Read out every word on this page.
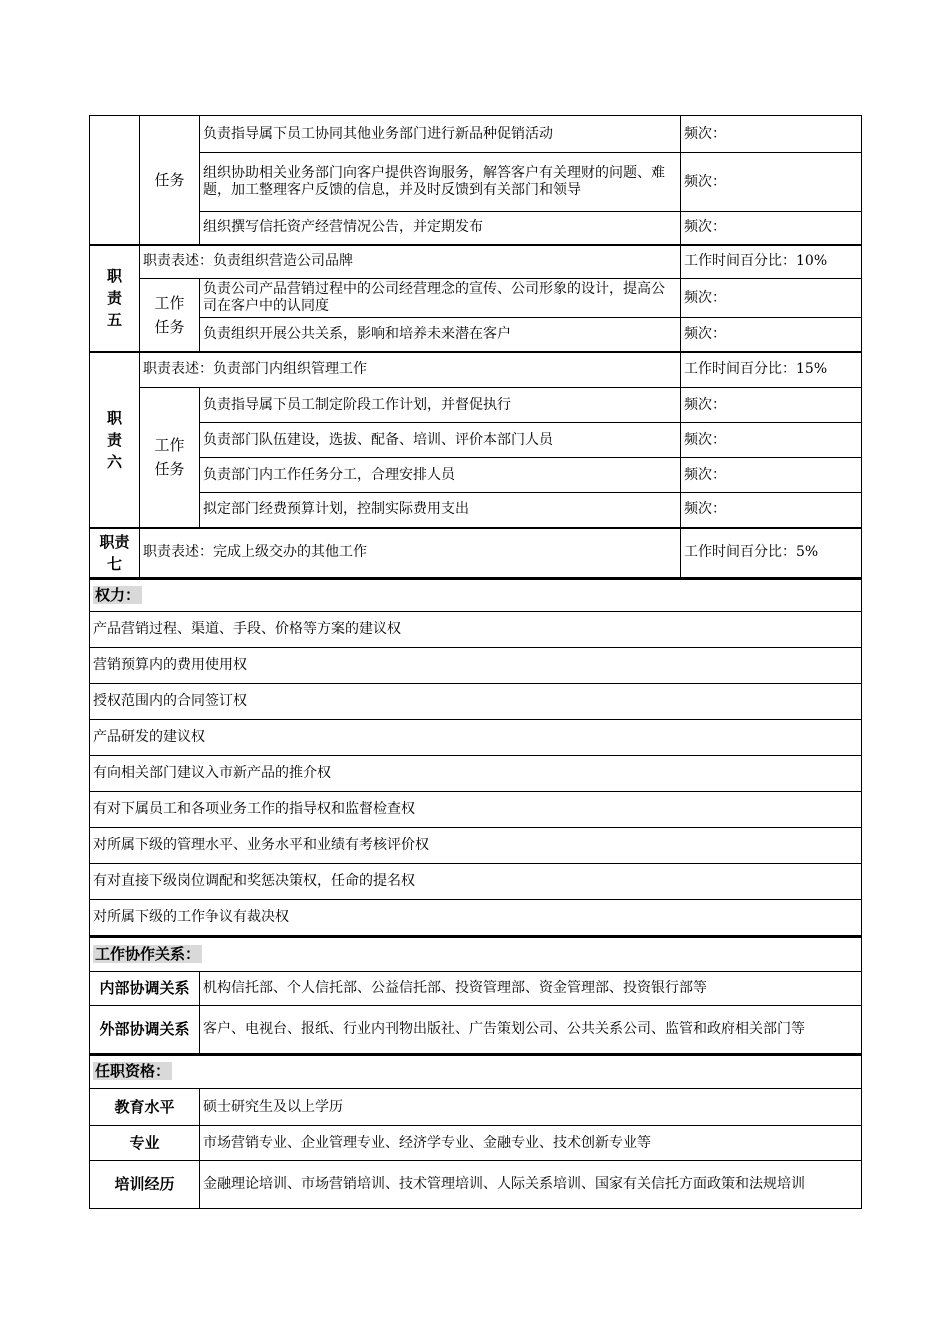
	任务	负责指导属下员工协同其他业务部门进行新品种促销活动	频次：
		组织协助相关业务部门向客户提供咨询服务，解答客户有关理财的问题、难题，加工整理客户反馈的信息，并及时反馈到有关部门和领导	频次：
		组织撰写信托资产经营情况公告，并定期发布	频次：
职责五	职责表述：负责组织营造公司品牌		工作时间百分比：10%
	工作任务	负责公司产品营销过程中的公司经营理念的宣传、公司形象的设计，提高公司在客户中的认同度	频次：
		负责组织开展公共关系，影响和培养未来潜在客户	频次：
职责六	职责表述：负责部门内组织管理工作		工作时间百分比：15%
	工作任务	负责指导属下员工制定阶段工作计划，并督促执行	频次：
		负责部门队伍建设，选拔、配备、培训、评价本部门人员	频次：
		负责部门内工作任务分工，合理安排人员	频次：
		拟定部门经费预算计划，控制实际费用支出	频次：
职责七	职责表述：完成上级交办的其他工作		工作时间百分比：5%
权力：
产品营销过程、渠道、手段、价格等方案的建议权
营销预算内的费用使用权
授权范围内的合同签订权
产品研发的建议权
有向相关部门建议入市新产品的推介权
有对下属员工和各项业务工作的指导权和监督检查权
对所属下级的管理水平、业务水平和业绩有考核评价权
有对直接下级岗位调配和奖惩决策权，任命的提名权
对所属下级的工作争议有裁决权
工作协作关系：	
内部协调关系	机构信托部、个人信托部、公益信托部、投资管理部、资金管理部、投资银行部等
外部协调关系	客户、电视台、报纸、行业内刊物出版社、广告策划公司、公共关系公司、监管和政府相关部门等
任职资格：	
教育水平	硕士研究生及以上学历
专业	市场营销专业、企业管理专业、经济学专业、金融专业、技术创新专业等
培训经历	金融理论培训、市场营销培训、技术管理培训、人际关系培训、国家有关信托方面政策和法规培训
